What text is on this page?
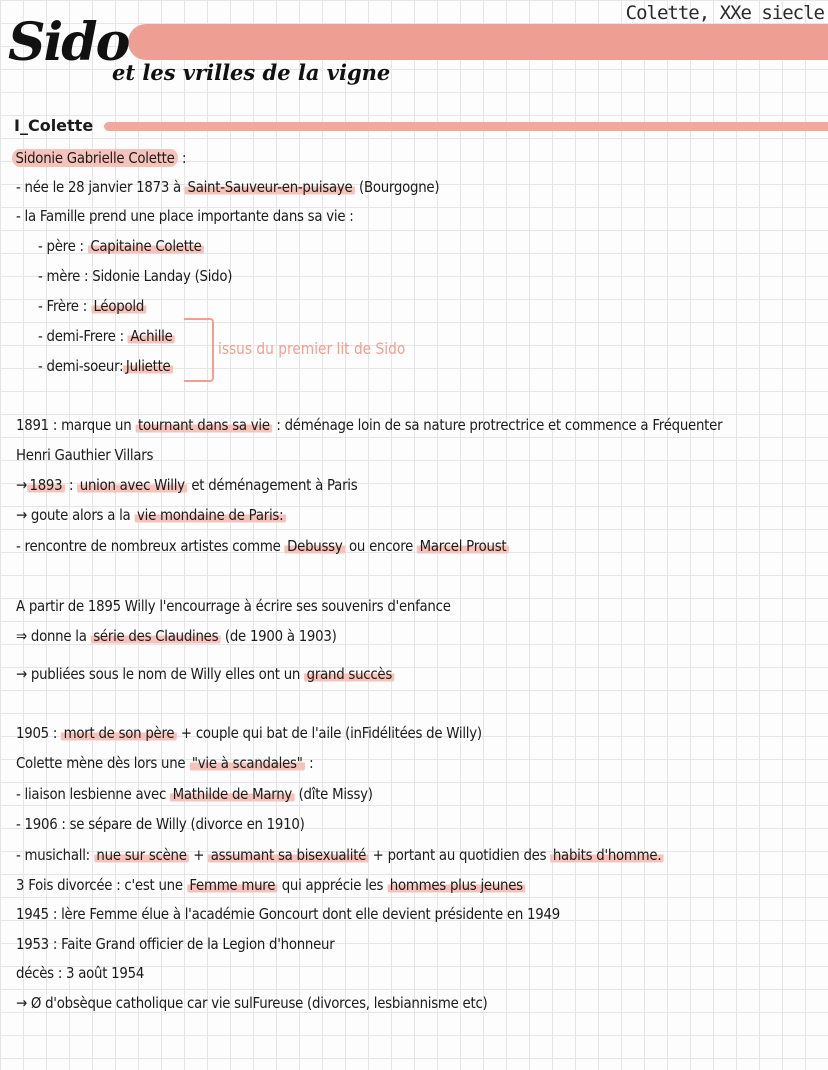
Colette, XXe siecle
Sido
et les vrilles de la vigne
I_Colette
Sidonie Gabrielle Colette :
- née le 28 janvier 1873 à Saint-Sauveur-en-puisaye (Bourgogne)
- la Famille prend une place importante dans sa vie :
- père : Capitaine Colette
- mère : Sidonie Landay (Sido)
- Frère : Léopold
- demi-Frere : Achille
- demi-soeur: Juliette
issus du premier lit de Sido
1891 : marque un tournant dans sa vie : déménage loin de sa nature protrectrice et commence a Fréquenter
Henri Gauthier Villars
→ 1893 : union avec Willy et déménagement à Paris
→ goute alors a la vie mondaine de Paris:
- rencontre de nombreux artistes comme Debussy ou encore Marcel Proust
A partir de 1895 Willy l'encourrage à écrire ses souvenirs d'enfance
⇒ donne la série des Claudines (de 1900 à 1903)
→ publiées sous le nom de Willy elles ont un grand succès
1905 : mort de son père + couple qui bat de l'aile (inFidélitées de Willy)
Colette mène dès lors une "vie à scandales" :
- liaison lesbienne avec Mathilde de Marny (dîte Missy)
- 1906 : se sépare de Willy (divorce en 1910)
- musichall: nue sur scène + assumant sa bisexualité + portant au quotidien des habits d'homme.
3 Fois divorcée : c'est une Femme mure qui apprécie les hommes plus jeunes
1945 : lère Femme élue à l'académie Goncourt dont elle devient présidente en 1949
1953 : Faite Grand officier de la Legion d'honneur
décès : 3 août 1954
→ Ø d'obsèque catholique car vie sulFureuse (divorces, lesbiannisme etc)
